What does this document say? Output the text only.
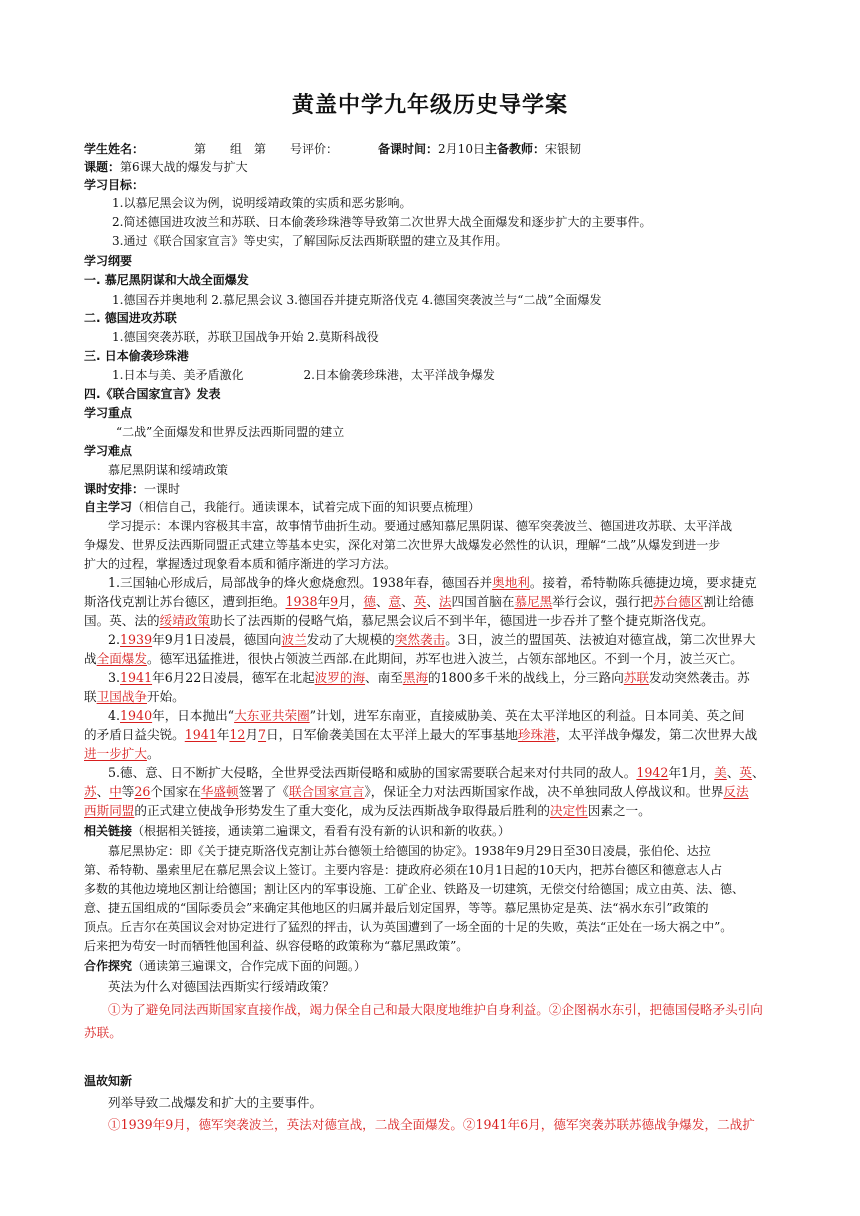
黄盖中学九年级历史导学案
学生姓名：	第　　组　第　　号评价：	备课时间：2月10日主备教师：宋银韧
课题：第6课大战的爆发与扩大
学习目标：
1.以慕尼黑会议为例，说明绥靖政策的实质和恶劣影响。
2.简述德国进攻波兰和苏联、日本偷袭珍珠港等导致第二次世界大战全面爆发和逐步扩大的主要事件。
3.通过《联合国家宣言》等史实，了解国际反法西斯联盟的建立及其作用。
学习纲要
一. 慕尼黑阴谋和大战全面爆发
1.德国吞并奥地利 2.慕尼黑会议 3.德国吞并捷克斯洛伐克 4.德国突袭波兰与“二战”全面爆发
二. 德国进攻苏联
1.德国突袭苏联，苏联卫国战争开始 2.莫斯科战役
三. 日本偷袭珍珠港
1.日本与美、美矛盾激化	2.日本偷袭珍珠港，太平洋战争爆发
四.《联合国家宣言》发表
学习重点
“二战”全面爆发和世界反法西斯同盟的建立
学习难点
慕尼黑阴谋和绥靖政策
课时安排：一课时
自主学习（相信自己，我能行。通读课本，试着完成下面的知识要点梳理）
学习提示：本课内容极其丰富，故事情节曲折生动。要通过感知慕尼黑阴谋、德军突袭波兰、德国进攻苏联、太平洋战
争爆发、世界反法西斯同盟正式建立等基本史实，深化对第二次世界大战爆发必然性的认识，理解“二战”从爆发到进一步
扩大的过程，掌握透过现象看本质和循序渐进的学习方法。
1.三国轴心形成后，局部战争的烽火愈烧愈烈。1938年春，德国吞并奥地利。接着，希特勒陈兵德捷边境，要求捷克
斯洛伐克割让苏台德区，遭到拒绝。1938年9月，德、意、英、法四国首脑在慕尼黑举行会议，强行把苏台德区割让给德
国。英、法的绥靖政策助长了法西斯的侵略气焰，慕尼黑会议后不到半年，德国进一步吞并了整个捷克斯洛伐克。
2.1939年9月1日凌晨，德国向波兰发动了大规模的突然袭击。3日，波兰的盟国英、法被迫对德宣战，第二次世界大
战全面爆发。德军迅猛推进，很快占领波兰西部.在此期间，苏军也进入波兰，占领东部地区。不到一个月，波兰灭亡。
3.1941年6月22日凌晨，德军在北起波罗的海、南至黑海的1800多千米的战线上，分三路向苏联发动突然袭击。苏
联卫国战争开始。
4.1940年，日本抛出“大东亚共荣圈”计划，进军东南亚，直接威胁美、英在太平洋地区的利益。日本同美、英之间
的矛盾日益尖锐。1941年12月7日，日军偷袭美国在太平洋上最大的军事基地珍珠港，太平洋战争爆发，第二次世界大战
进一步扩大。
5.德、意、日不断扩大侵略，全世界受法西斯侵略和威胁的国家需要联合起来对付共同的敌人。1942年1月，美、英、
苏、中等26个国家在华盛顿签署了《联合国家宣言》，保证全力对法西斯国家作战，决不单独同敌人停战议和。世界反法
西斯同盟的正式建立使战争形势发生了重大变化，成为反法西斯战争取得最后胜利的决定性因素之一。
相关链接（根据相关链接，通读第二遍课文，看看有没有新的认识和新的收获。）
慕尼黑协定：即《关于捷克斯洛伐克割让苏台德领土给德国的协定》。1938年9月29日至30日凌晨，张伯伦、达拉
第、希特勒、墨索里尼在慕尼黑会议上签订。主要内容是：捷政府必须在10月1日起的10天内，把苏台德区和德意志人占
多数的其他边境地区割让给德国；割让区内的军事设施、工矿企业、铁路及一切建筑，无偿交付给德国；成立由英、法、德、
意、捷五国组成的“国际委员会”来确定其他地区的归属并最后划定国界，等等。慕尼黑协定是英、法“祸水东引”政策的
顶点。丘吉尔在英国议会对协定进行了猛烈的抨击，认为英国遭到了一场全面的十足的失败，英法“正处在一场大祸之中”。
后来把为苟安一时而牺牲他国利益、纵容侵略的政策称为“慕尼黑政策”。
合作探究（通读第三遍课文，合作完成下面的问题。）
英法为什么对德国法西斯实行绥靖政策？
①为了避免同法西斯国家直接作战，竭力保全自己和最大限度地维护自身利益。②企图祸水东引，把德国侵略矛头引向
苏联。
温故知新
列举导致二战爆发和扩大的主要事件。
①1939年9月，德军突袭波兰，英法对德宣战，二战全面爆发。②1941年6月，德军突袭苏联苏德战争爆发，二战扩
